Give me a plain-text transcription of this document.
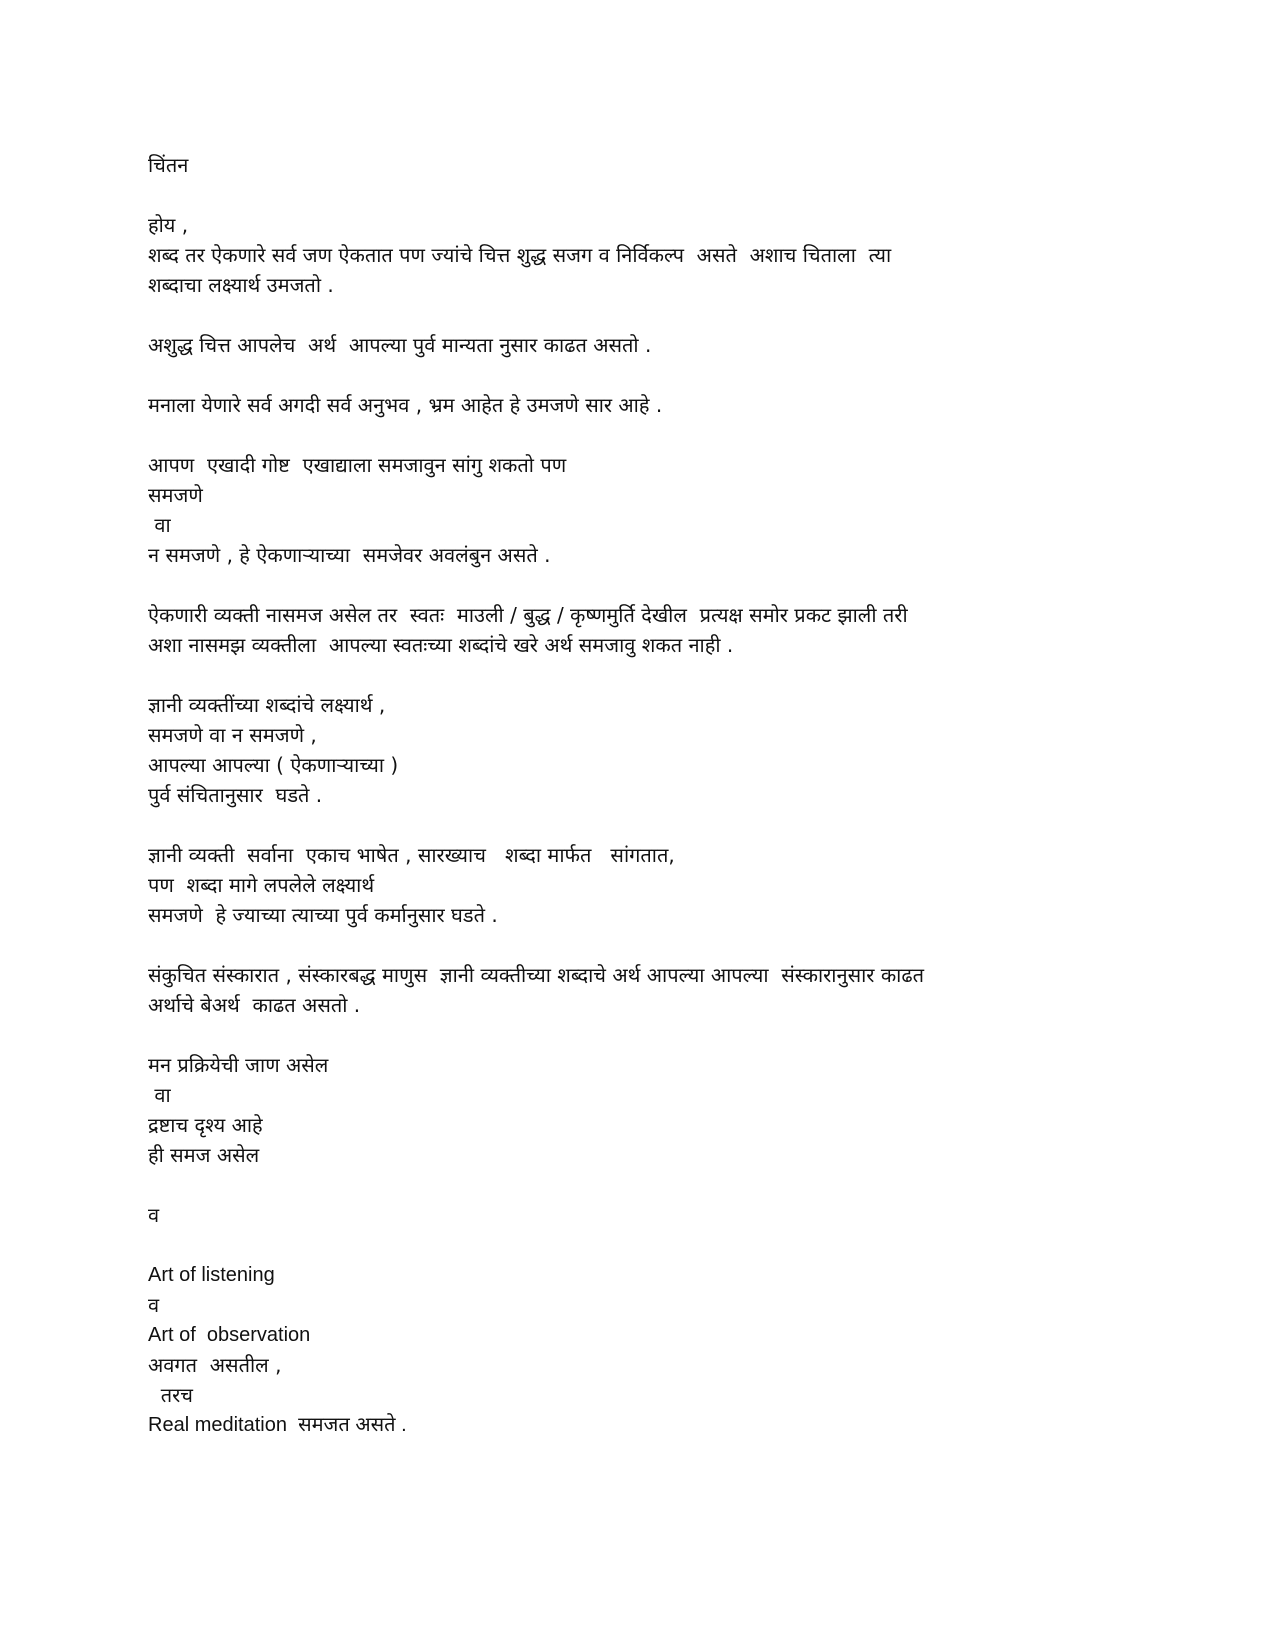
चिंतन
होय ,
शब्द तर ऐकणारे सर्व जण ऐकतात पण ज्यांचे चित्त शुद्ध सजग व निर्विकल्प  असते  अशाच चिताला  त्या
शब्दाचा लक्ष्यार्थ उमजतो .
अशुद्ध चित्त आपलेच  अर्थ  आपल्या पुर्व मान्यता नुसार काढत असतो .
मनाला येणारे सर्व अगदी सर्व अनुभव , भ्रम आहेत हे उमजणे सार आहे .
आपण  एखादी गोष्ट  एखाद्याला समजावुन सांगु शकतो पण
समजणे
वा
न समजणे , हे ऐकणाऱ्याच्या  समजेवर अवलंबुन असते .
ऐकणारी व्यक्ती नासमज असेल तर  स्वतः  माउली / बुद्ध / कृष्णमुर्ति देखील  प्रत्यक्ष समोर प्रकट झाली तरी
अशा नासमझ व्यक्तीला  आपल्या स्वतःच्या शब्दांचे खरे अर्थ समजावु शकत नाही .
ज्ञानी व्यक्तींच्या शब्दांचे लक्ष्यार्थ ,
समजणे वा न समजणे ,
आपल्या आपल्या ( ऐकणाऱ्याच्या )
पुर्व संचितानुसार  घडते .
ज्ञानी व्यक्ती  सर्वाना  एकाच भाषेत , सारख्याच   शब्दा मार्फत   सांगतात,
पण  शब्दा मागे लपलेले लक्ष्यार्थ
समजणे  हे ज्याच्या त्याच्या पुर्व कर्मानुसार घडते .
संकुचित संस्कारात , संस्कारबद्ध माणुस  ज्ञानी व्यक्तीच्या शब्दाचे अर्थ आपल्या आपल्या  संस्कारानुसार काढत
अर्थाचे बेअर्थ  काढत असतो .
मन प्रक्रियेची जाण असेल
वा
द्रष्टाच दृश्य आहे
ही समज असेल
व
Art of listening
व
Art of  observation
अवगत  असतील ,
तरच
Real meditation  समजत असते .
